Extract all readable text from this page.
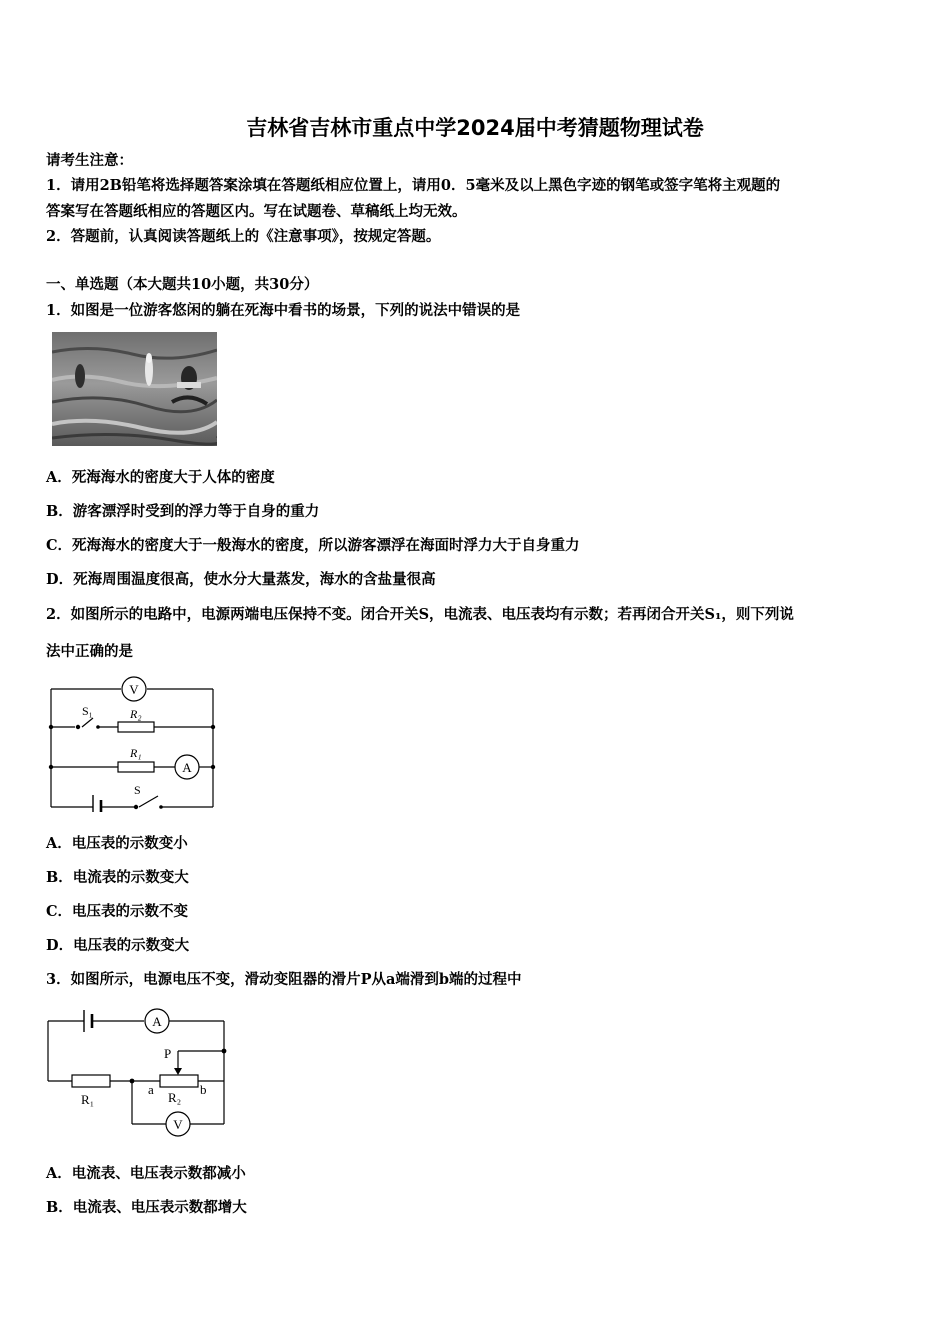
吉林省吉林市重点中学2024届中考猜题物理试卷
请考生注意：
1．请用2B铅笔将选择题答案涂填在答题纸相应位置上，请用0．5毫米及以上黑色字迹的钢笔或签字笔将主观题的
答案写在答题纸相应的答题区内。写在试题卷、草稿纸上均无效。
2．答题前，认真阅读答题纸上的《注意事项》，按规定答题。
一、单选题（本大题共10小题，共30分）
1．如图是一位游客悠闲的躺在死海中看书的场景，下列的说法中错误的是
A．死海海水的密度大于人体的密度
B．游客漂浮时受到的浮力等于自身的重力
C．死海海水的密度大于一般海水的密度，所以游客漂浮在海面时浮力大于自身重力
D．死海周围温度很高，使水分大量蒸发，海水的含盐量很高
2．如图所示的电路中，电源两端电压保持不变。闭合开关S，电流表、电压表均有示数；若再闭合开关S₁，则下列说
法中正确的是
V
A
S₁	R₂
R₁
S
A．电压表的示数变小
B．电流表的示数变大
C．电压表的示数不变
D．电压表的示数变大
3．如图所示，电源电压不变，滑动变阻器的滑片P从a端滑到b端的过程中
A
P
a	b
R₁	R₂
V
A．电流表、电压表示数都减小
B．电流表、电压表示数都增大
